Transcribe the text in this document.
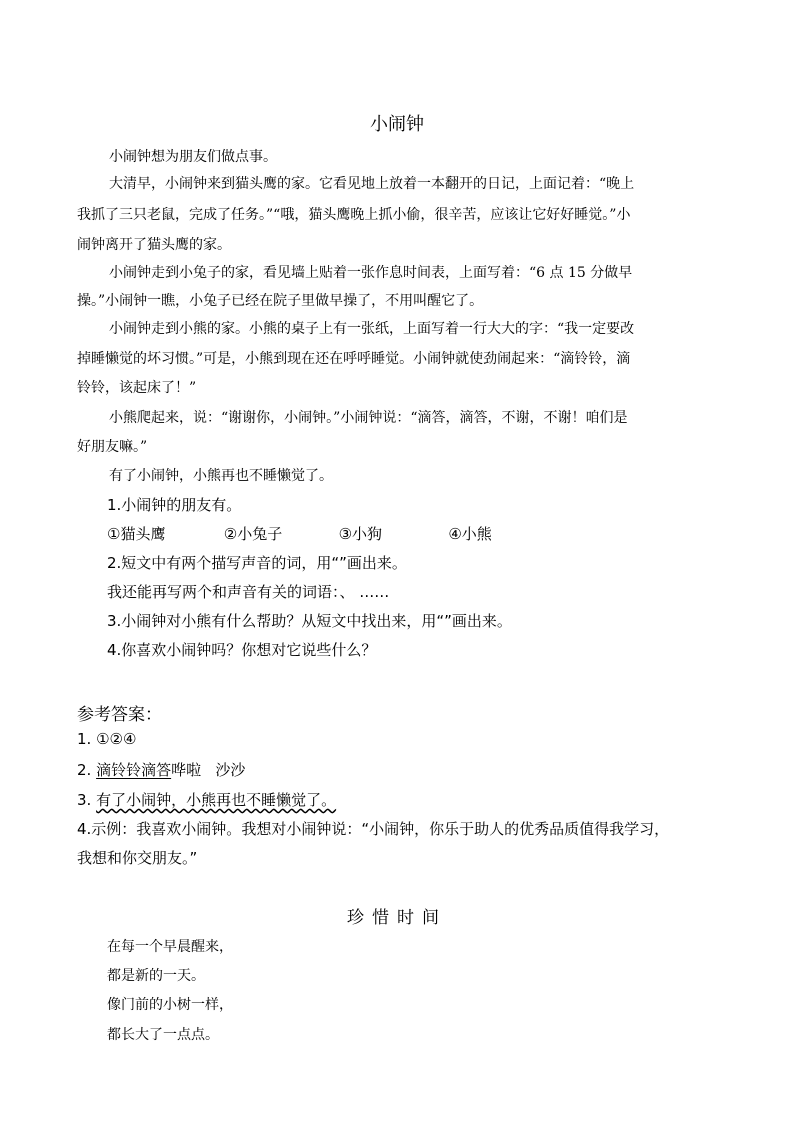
小闹钟
小闹钟想为朋友们做点事。
大清早，小闹钟来到猫头鹰的家。它看见地上放着一本翻开的日记，上面记着：“晚上
我抓了三只老鼠，完成了任务。”“哦，猫头鹰晚上抓小偷，很辛苦，应该让它好好睡觉。”小
闹钟离开了猫头鹰的家。
小闹钟走到小兔子的家，看见墙上贴着一张作息时间表，上面写着：“6 点 15 分做早
操。”小闹钟一瞧，小兔子已经在院子里做早操了，不用叫醒它了。
小闹钟走到小熊的家。小熊的桌子上有一张纸，上面写着一行大大的字：“我一定要改
掉睡懒觉的坏习惯。”可是，小熊到现在还在呼呼睡觉。小闹钟就使劲闹起来：“滴铃铃，滴
铃铃，该起床了！”
小熊爬起来，说：“谢谢你，小闹钟。”小闹钟说：“滴答，滴答，不谢，不谢！咱们是
好朋友嘛。”
有了小闹钟，小熊再也不睡懒觉了。
1.小闹钟的朋友有。
①猫头鹰	②小兔子	③小狗	④小熊
2.短文中有两个描写声音的词，用“”画出来。
我还能再写两个和声音有关的词语：、 ……
3.小闹钟对小熊有什么帮助？从短文中找出来，用“”画出来。
4.你喜欢小闹钟吗？你想对它说些什么？
参考答案：
1. ①②④
2. 滴铃铃滴答哗啦   沙沙
3. 有了小闹钟，小熊再也不睡懒觉了。
4.示例：我喜欢小闹钟。我想对小闹钟说：“小闹钟，你乐于助人的优秀品质值得我学习，
我想和你交朋友。”
珍惜时间
在每一个早晨醒来，
都是新的一天。
像门前的小树一样，
都长大了一点点。
